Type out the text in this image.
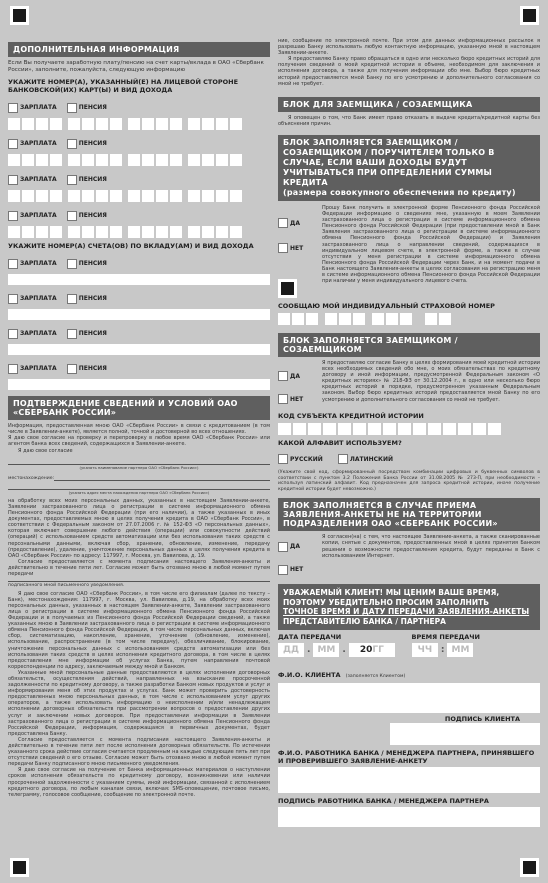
ДОПОЛНИТЕЛЬНАЯ ИНФОРМАЦИЯ
Если Вы получаете заработную плату/пенсию на счет карты/вклада в ОАО «Сбербанк России», заполните, пожалуйста, следующую информацию
УКАЖИТЕ НОМЕР(А), УКАЗАННЫЙ(Е) НА ЛИЦЕВОЙ СТОРОНЕ БАНКОВСКОЙ(ИХ) КАРТ(Ы) И ВИД ДОХОДА
ЗАРПЛАТА	ПЕНСИЯ
ЗАРПЛАТА	ПЕНСИЯ
ЗАРПЛАТА	ПЕНСИЯ
ЗАРПЛАТА	ПЕНСИЯ
УКАЖИТЕ НОМЕР(А) СЧЕТА(ОВ) ПО ВКЛАДУ(АМ) И ВИД ДОХОДА
ЗАРПЛАТА	ПЕНСИЯ
ЗАРПЛАТА	ПЕНСИЯ
ЗАРПЛАТА	ПЕНСИЯ
ЗАРПЛАТА	ПЕНСИЯ
ПОДТВЕРЖДЕНИЕ СВЕДЕНИЙ И УСЛОВИЙ ОАО «СБЕРБАНК РОССИИ»
Информация, предоставленная мною ОАО «Сбербанк России» в связи с кредитованием (в том числе в Заявлении-анкете), является полной, точной и достоверной во всех отношениях.
Я даю свое согласие на проверку и перепроверку в любое время ОАО «Сбербанк России» или агентом банка всех сведений, содержащихся в Заявлении-анкете.
Я даю свое согласие
(указать наименование партнера ОАО «Сбербанк России»)
местонахождение:
(указать адрес места нахождения партнера ОАО «Сбербанк России»)
на обработку всех моих персональных данных, указанных в настоящем Заявлении-анкете, Заявлении застрахованного лица о регистрации в системе информационного обмена Пенсионного фонда Российской Федерации (при его наличии), а также указанных в иных документах, предоставляемых мною в целях получения кредита в ОАО «Сбербанк России», в соответствии с Федеральным законом от 27.07.2006 г. № 152-ФЗ «О персональных данных», которая включает совершение любого действия (операции) или совокупности действий (операций) с использованием средств автоматизации или без использования таких средств с персональными данными, включая сбор, хранение, обновление, изменение, передачу (предоставление), удаление, уничтожение персональных данных в целях получения кредита в ОАО «Сбербанк России» по адресу: 117997, г. Москва, ул. Вавилова, д. 19.
Согласие предоставляется с момента подписания настоящего Заявления-анкеты и действительно в течение пяти лет. Согласие может быть отозвано мною в любой момент путем передачи
подписанного мной письменного уведомления.
Я даю свое согласие ОАО «Сбербанк России», в том числе его филиалам (далее по тексту – Банк), местонахождения: 117997, г. Москва, ул. Вавилова, д.19, на обработку всех моих персональных данных, указанных в настоящем Заявлении-анкете, Заявлении застрахованного лица о регистрации в системе информационного обмена Пенсионного фонда Российской Федерации и в получаемых из Пенсионного фонда Российской Федерации сведений, а также указанных мною в Заявлении застрахованного лица о регистрации в системе информационного обмена Пенсионного фонда Российской Федерации, в том числе персональных данных, включая сбор, систематизацию, накопление, хранение, уточнение (обновление, изменение), использование, распространение (в том числе передачу), обезличивание, блокирование, уничтожение персональных данных с использованием средств автоматизации или без использования таких средств в целях исполнения кредитного договора, в том числе в целях предоставления мне информации об услугах Банка, путем направления почтовой корреспонденции по адресу, заключаемым между мной и Банком.
Указанные мной персональные данные предоставляются в целях исполнения договорных обязательств, осуществления действий, направленных на взыскание просроченной задолженности по кредитному договору, а также разработки Банком новых продуктов и услуг и информирования меня об этих продуктах и услугах. Банк может проверить достоверность предоставленных мною персональных данных, в том числе с использованием услуг других операторов, а также использовать информацию о неисполнении и/или ненадлежащем исполнении договорных обязательств при рассмотрении вопросов о предоставлении других услуг и заключении новых договоров. При предоставлении информации в Заявлении застрахованного лица о регистрации в системе информационного обмена Пенсионного фонда Российской Федерации, информация, содержащаяся в первичных документах, будет предоставлена Банку.
Согласие предоставляется с момента подписания настоящего Заявления-анкеты и действительно в течение пяти лет после исполнения договорных обязательств. По истечении указанного срока действие согласия считается продленным на каждые следующие пять лет при отсутствии сведений о его отзыве. Согласие может быть отозвано мною в любой момент путем передачи Банку подписанного мною письменного уведомления.
Я даю свое согласие на получение от Банка информационных материалов о наступлении сроков исполнения обязательств по кредитному договору, возникновении или наличии просроченной задолженности с указанием суммы, иной информации, связанной с исполнением кредитного договора, по любым каналам связи, включая: SMS-оповещение, почтовое письмо, телеграмму, голосовое сообщение, сообщение по электронной почте.
ние, сообщение по электронной почте. При этом для данных информационных рассылок я разрешаю Банку использовать любую контактную информацию, указанную мной в настоящем Заявлении-анкете.
Я предоставляю Банку право обращаться в одно или несколько бюро кредитных историй для получения сведений о моей кредитной истории в объеме, необходимом для заключения и исполнения договора, а также для получения информации обо мне. Выбор бюро кредитных историй предоставляется мной Банку по его усмотрению и дополнительного согласования со мной не требует.
БЛОК ДЛЯ ЗАЕМЩИКА / СОЗАЕМЩИКА
Я оповещен о том, что Банк имеет право отказать в выдаче кредита/кредитной карты без объяснения причин.
БЛОК ЗАПОЛНЯЕТСЯ ЗАЕМЩИКОМ / СОЗАЕМЩИКОМ / ПОРУЧИТЕЛЕМ ТОЛЬКО В СЛУЧАЕ, ЕСЛИ ВАШИ ДОХОДЫ БУДУТ УЧИТЫВАТЬСЯ ПРИ ОПРЕДЕЛЕНИИ СУММЫ КРЕДИТА
(размера совокупного обеспечения по кредиту)
ДА
НЕТ
Прошу Банк получить в электронной форме Пенсионного фонда Российской Федерации информацию о сведениях мне, указанную в моем Заявлении застрахованного лица о регистрации в системе информационного обмена Пенсионного фонда Российской Федерации (при предоставлении мной в Банк Заявления застрахованного лица о регистрации в системе информационного обмена Пенсионного фонда Российской Федерации) и Заявления застрахованного лица о направлении сведений, содержащихся в индивидуальном лицевом счете, в электронной форме, а также в случае отсутствия у меня регистрации в системе информационного обмена Пенсионного фонда Российской Федерации через Банк, и на момент подачи в Банк настоящего Заявления-анкеты в целях согласования на регистрацию меня в системе информационного обмена Пенсионного фонда Российской Федерации при наличии у меня индивидуального лицевого счета.
СООБЩАЮ МОЙ ИНДИВИДУАЛЬНЫЙ СТРАХОВОЙ НОМЕР
БЛОК ЗАПОЛНЯЕТСЯ ЗАЕМЩИКОМ / СОЗАЕМЩИКОМ
ДА
НЕТ
Я предоставляю согласие Банку в целях формирования моей кредитной истории всех необходимых сведений обо мне, о моих обязательствах по кредитному договору и иной информации, предусмотренной Федеральным законом «О кредитных историях» № 218-ФЗ от 30.12.2004 г., в одно или несколько бюро кредитных историй в порядке, предусмотренном указанным Федеральным законом. Выбор бюро кредитных историй предоставляется мной Банку по его усмотрению и дополнительного согласования со мной не требует.
КОД СУБЪЕКТА КРЕДИТНОЙ ИСТОРИИ
КАКОЙ АЛФАВИТ ИСПОЛЬЗУЕМ?
РУССКИЙ	ЛАТИНСКИЙ
(Укажите свой код, сформированный посредством комбинации цифровых и буквенных символов в соответствии с пунктом 3.2 Положения Банка России от 31.08.2005 № 273-П, при необходимости – используя латинский алфавит. Код предназначен для запроса кредитной истории, иначе получение кредитной истории будет невозможно.)
БЛОК ЗАПОЛНЯЕТСЯ В СЛУЧАЕ ПРИЕМА ЗАЯВЛЕНИЯ-АНКЕТЫ НЕ НА ТЕРРИТОРИИ ПОДРАЗДЕЛЕНИЯ ОАО «СБЕРБАНК РОССИИ»
ДА
НЕТ
Я согласен(на) с тем, что настоящее Заявление-анкета, а также сканированные копии, снятые с документов, предоставленных мной в целях принятия Банком решения о возможности предоставления кредита, будут переданы в Банк с использованием Интернет.
УВАЖАЕМЫЙ КЛИЕНТ! МЫ ЦЕНИМ ВАШЕ ВРЕМЯ, ПОЭТОМУ УБЕДИТЕЛЬНО ПРОСИМ ЗАПОЛНИТЬ
ТОЧНОЕ ВРЕМЯ И ДАТУ ПЕРЕДАЧИ ЗАЯВЛЕНИЯ-АНКЕТЫ
ПРЕДСТАВИТЕЛЮ БАНКА / ПАРТНЕРА
ДАТА ПЕРЕДАЧИ	ВРЕМЯ ПЕРЕДАЧИ
ДД . ММ .	20ГГ	ЧЧ : ММ
Ф.И.О. КЛИЕНТА (заполняется Клиентом)
ПОДПИСЬ КЛИЕНТА
Ф.И.О. РАБОТНИКА БАНКА / МЕНЕДЖЕРА ПАРТНЕРА, ПРИНЯВШЕГО И ПРОВЕРИВШЕГО ЗАЯВЛЕНИЕ-АНКЕТУ
ПОДПИСЬ РАБОТНИКА БАНКА / МЕНЕДЖЕРА ПАРТНЕРА
